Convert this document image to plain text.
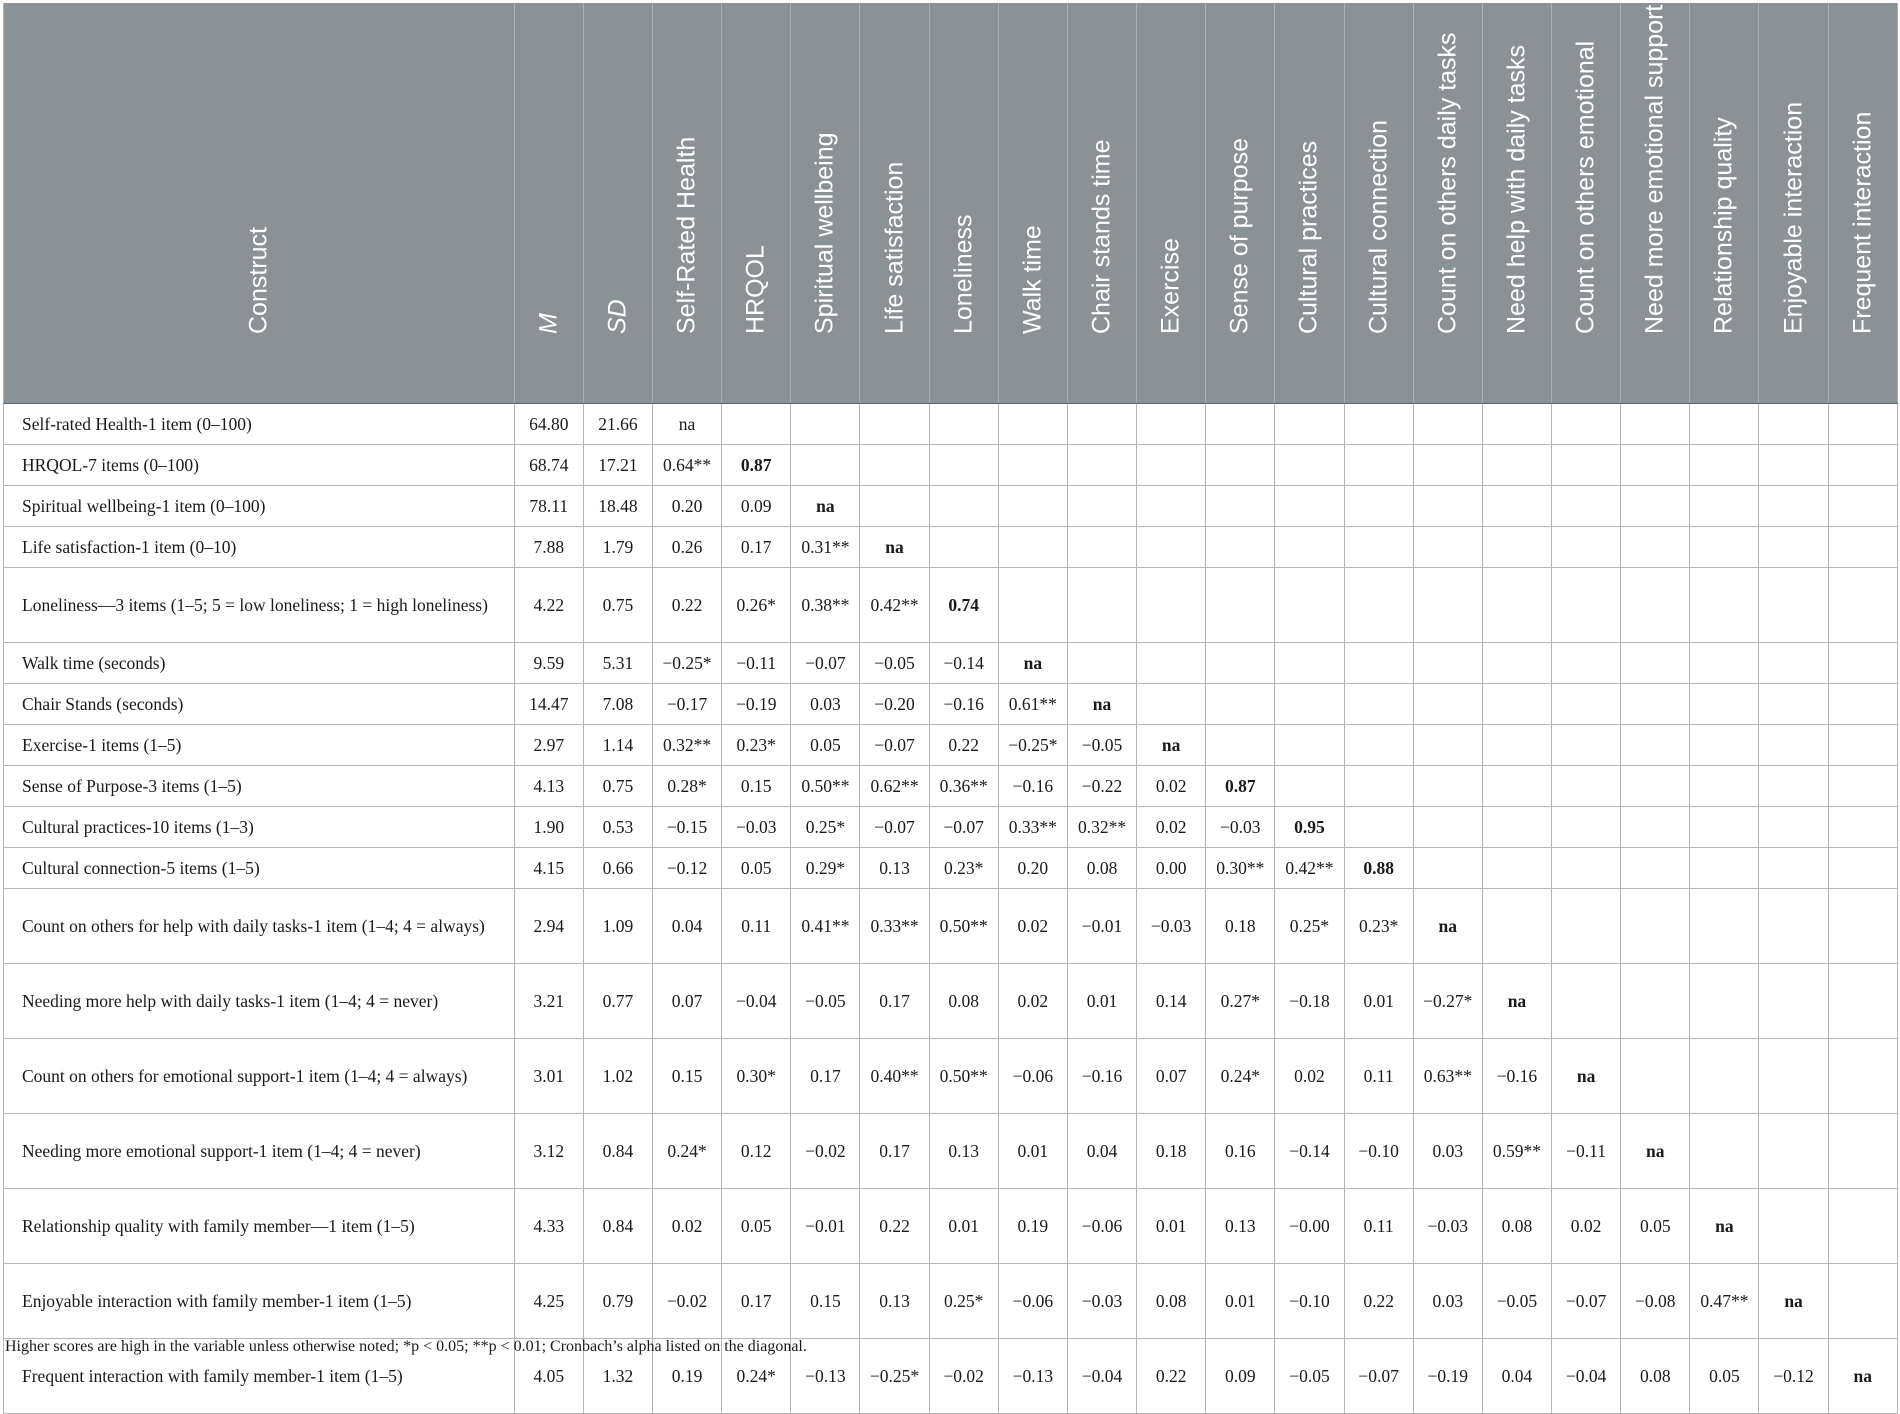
Construct	M	SD	Self-Rated Health	HRQOL	Spiritual wellbeing	Life satisfaction	Loneliness	Walk time	Chair stands time	Exercise	Sense of purpose	Cultural practices	Cultural connection	Count on others daily tasks	Need help with daily tasks	Count on others emotional	Need more emotional support	Relationship quality	Enjoyable interaction	Frequent interaction

Self-rated Health-1 item (0–100)	64.80	21.66	na																	
HRQOL-7 items (0–100)	68.74	17.21	0.64**	0.87																
Spiritual wellbeing-1 item (0–100)	78.11	18.48	0.20	0.09	na															
Life satisfaction-1 item (0–10)	7.88	1.79	0.26	0.17	0.31**	na														
Loneliness—3 items (1–5; 5 = low loneliness; 1 = high loneliness)	4.22	0.75	0.22	0.26*	0.38**	0.42**	0.74													
Walk time (seconds)	9.59	5.31	−0.25*	−0.11	−0.07	−0.05	−0.14	na												
Chair Stands (seconds)	14.47	7.08	−0.17	−0.19	0.03	−0.20	−0.16	0.61**	na											
Exercise-1 items (1–5)	2.97	1.14	0.32**	0.23*	0.05	−0.07	0.22	−0.25*	−0.05	na										
Sense of Purpose-3 items (1–5)	4.13	0.75	0.28*	0.15	0.50**	0.62**	0.36**	−0.16	−0.22	0.02	0.87									
Cultural practices-10 items (1–3)	1.90	0.53	−0.15	−0.03	0.25*	−0.07	−0.07	0.33**	0.32**	0.02	−0.03	0.95								
Cultural connection-5 items (1–5)	4.15	0.66	−0.12	0.05	0.29*	0.13	0.23*	0.20	0.08	0.00	0.30**	0.42**	0.88							
Count on others for help with daily tasks-1 item (1–4; 4 = always)	2.94	1.09	0.04	0.11	0.41**	0.33**	0.50**	0.02	−0.01	−0.03	0.18	0.25*	0.23*	na						
Needing more help with daily tasks-1 item (1–4; 4 = never)	3.21	0.77	0.07	−0.04	−0.05	0.17	0.08	0.02	0.01	0.14	0.27*	−0.18	0.01	−0.27*	na					
Count on others for emotional support-1 item (1–4; 4 = always)	3.01	1.02	0.15	0.30*	0.17	0.40**	0.50**	−0.06	−0.16	0.07	0.24*	0.02	0.11	0.63**	−0.16	na				
Needing more emotional support-1 item (1–4; 4 = never)	3.12	0.84	0.24*	0.12	−0.02	0.17	0.13	0.01	0.04	0.18	0.16	−0.14	−0.10	0.03	0.59**	−0.11	na			
Relationship quality with family member—1 item (1–5)	4.33	0.84	0.02	0.05	−0.01	0.22	0.01	0.19	−0.06	0.01	0.13	−0.00	0.11	−0.03	0.08	0.02	0.05	na		
Enjoyable interaction with family member-1 item (1–5)	4.25	0.79	−0.02	0.17	0.15	0.13	0.25*	−0.06	−0.03	0.08	0.01	−0.10	0.22	0.03	−0.05	−0.07	−0.08	0.47**	na	
Frequent interaction with family member-1 item (1–5)	4.05	1.32	0.19	0.24*	−0.13	−0.25*	−0.02	−0.13	−0.04	0.22	0.09	−0.05	−0.07	−0.19	0.04	−0.04	0.08	0.05	−0.12	na
Higher scores are high in the variable unless otherwise noted; *p < 0.05; **p < 0.01; Cronbach’s alpha listed on the diagonal.
